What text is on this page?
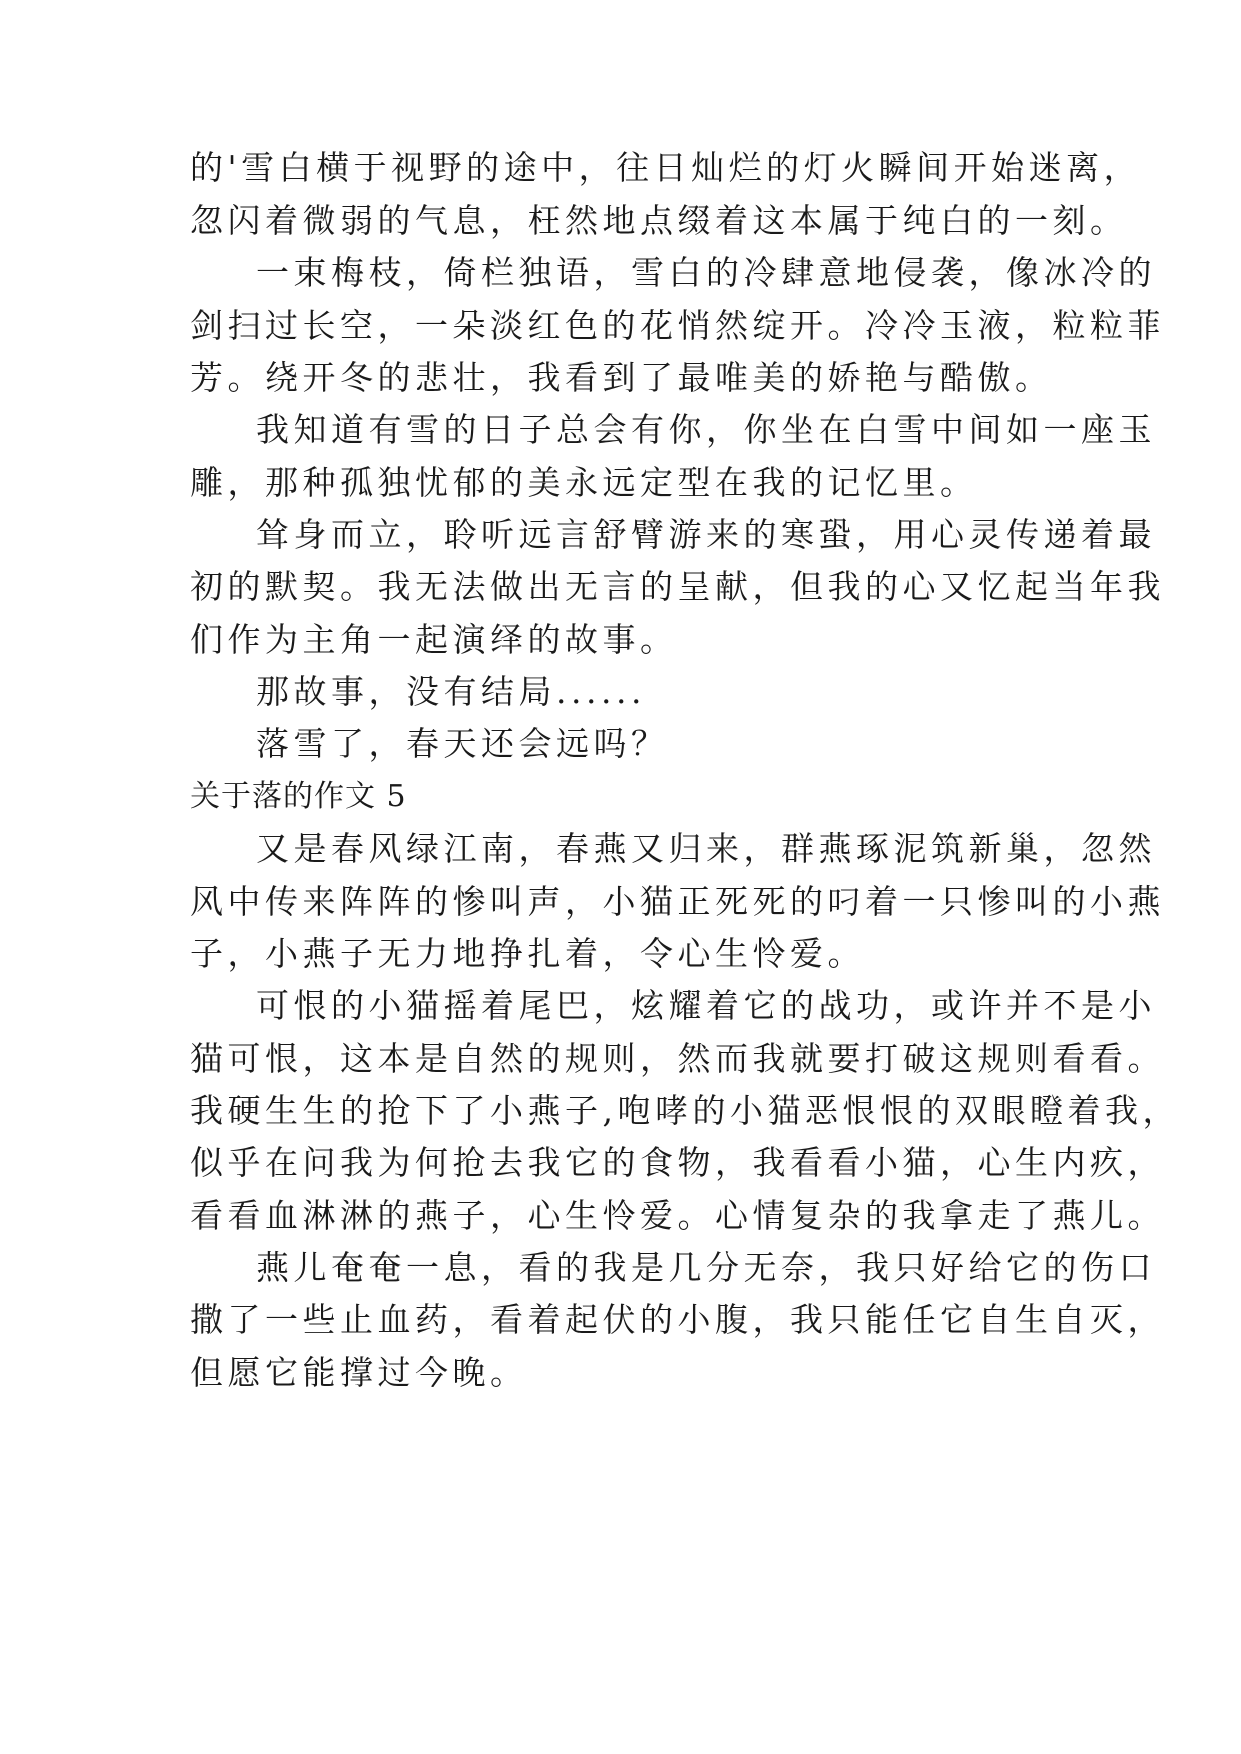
的'雪白横于视野的途中，往日灿烂的灯火瞬间开始迷离，
忽闪着微弱的气息，枉然地点缀着这本属于纯白的一刻。
一束梅枝，倚栏独语，雪白的冷肆意地侵袭，像冰冷的
剑扫过长空，一朵淡红色的花悄然绽开。冷冷玉液，粒粒菲
芳。绕开冬的悲壮，我看到了最唯美的娇艳与酷傲。
我知道有雪的日子总会有你，你坐在白雪中间如一座玉
雕，那种孤独忧郁的美永远定型在我的记忆里。
耸身而立，聆听远言舒臂游来的寒蛩，用心灵传递着最
初的默契。我无法做出无言的呈献，但我的心又忆起当年我
们作为主角一起演绎的故事。
那故事，没有结局......
落雪了，春天还会远吗？
关于落的作文 5
又是春风绿江南，春燕又归来，群燕琢泥筑新巢，忽然
风中传来阵阵的惨叫声，小猫正死死的叼着一只惨叫的小燕
子，小燕子无力地挣扎着，令心生怜爱。
可恨的小猫摇着尾巴，炫耀着它的战功，或许并不是小
猫可恨，这本是自然的规则，然而我就要打破这规则看看。
我硬生生的抢下了小燕子,咆哮的小猫恶恨恨的双眼瞪着我，
似乎在问我为何抢去我它的食物，我看看小猫，心生内疚，
看看血淋淋的燕子，心生怜爱。心情复杂的我拿走了燕儿。
燕儿奄奄一息，看的我是几分无奈，我只好给它的伤口
撒了一些止血药，看着起伏的小腹，我只能任它自生自灭，
但愿它能撑过今晚。
